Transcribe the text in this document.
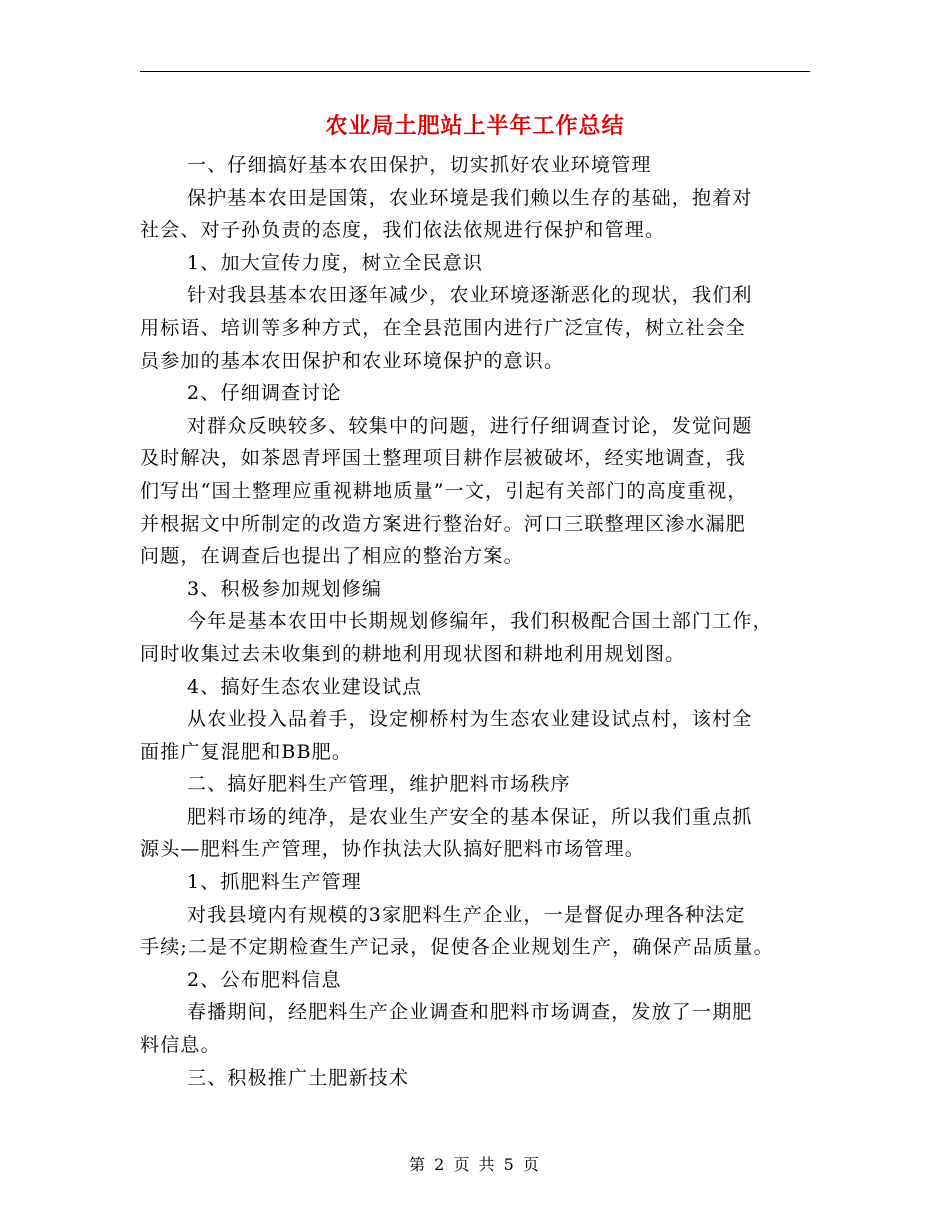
农业局土肥站上半年工作总结
一、仔细搞好基本农田保护，切实抓好农业环境管理
保护基本农田是国策，农业环境是我们赖以生存的基础，抱着对
社会、对子孙负责的态度，我们依法依规进行保护和管理。
1、加大宣传力度，树立全民意识
针对我县基本农田逐年减少，农业环境逐渐恶化的现状，我们利
用标语、培训等多种方式，在全县范围内进行广泛宣传，树立社会全
员参加的基本农田保护和农业环境保护的意识。
2、仔细调查讨论
对群众反映较多、较集中的问题，进行仔细调查讨论，发觉问题
及时解决，如茶恩青坪国土整理项目耕作层被破坏，经实地调查，我
们写出“国土整理应重视耕地质量”一文，引起有关部门的高度重视，
并根据文中所制定的改造方案进行整治好。河口三联整理区渗水漏肥
问题，在调查后也提出了相应的整治方案。
3、积极参加规划修编
今年是基本农田中长期规划修编年，我们积极配合国土部门工作，
同时收集过去未收集到的耕地利用现状图和耕地利用规划图。
4、搞好生态农业建设试点
从农业投入品着手，设定柳桥村为生态农业建设试点村，该村全
面推广复混肥和BB肥。
二、搞好肥料生产管理，维护肥料市场秩序
肥料市场的纯净，是农业生产安全的基本保证，所以我们重点抓
源头—肥料生产管理，协作执法大队搞好肥料市场管理。
1、抓肥料生产管理
对我县境内有规模的3家肥料生产企业，一是督促办理各种法定
手续;二是不定期检查生产记录，促使各企业规划生产，确保产品质量。
2、公布肥料信息
春播期间，经肥料生产企业调查和肥料市场调查，发放了一期肥
料信息。
三、积极推广土肥新技术
第 2 页 共 5 页
